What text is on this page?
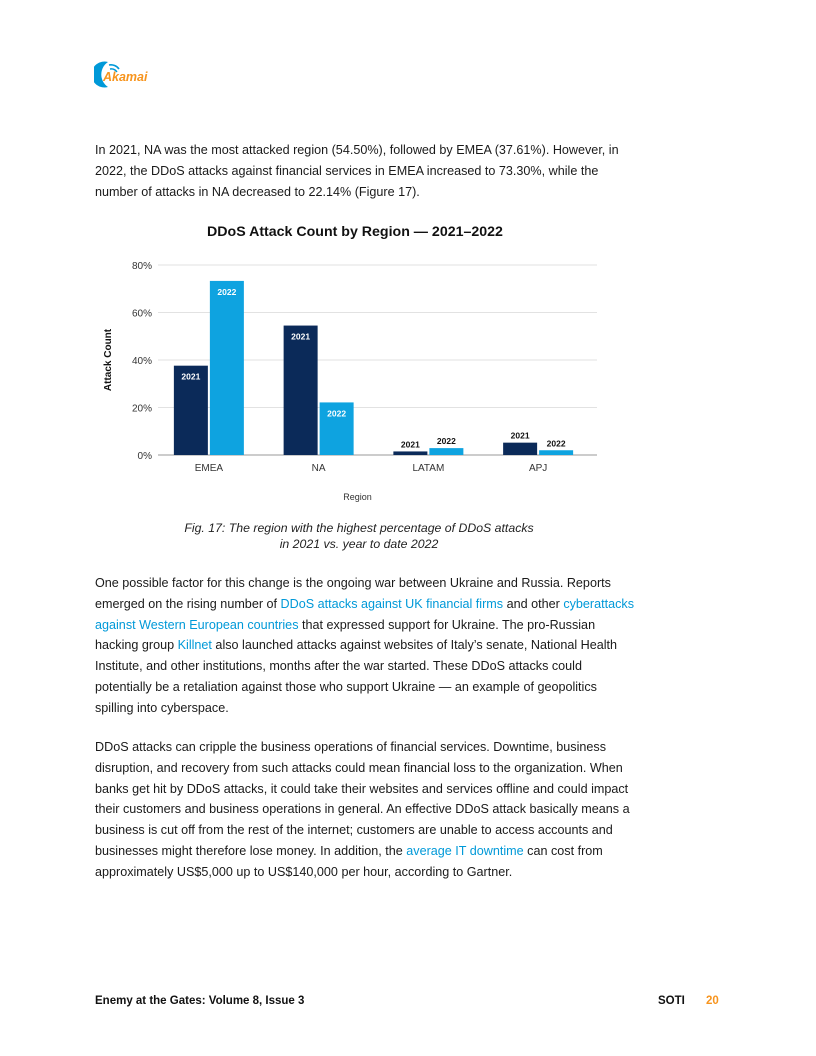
Akamai

In 2021, NA was the most attacked region (54.50%), followed by EMEA (37.61%). However, in 2022, the DDoS attacks against financial services in EMEA increased to 73.30%, while the number of attacks in NA decreased to 22.14% (Figure 17).

DDoS Attack Count by Region — 2021–2022
0%
20%
40%
60%
80%
Attack Count	2021
2022
EMEA
2021
2022
NA
2021 2022
LATAM
2021
2022
APJ
Region
Fig. 17: The region with the highest percentage of DDoS attacks
in 2021 vs. year to date 2022

One possible factor for this change is the ongoing war between Ukraine and Russia. Reports emerged on the rising number of DDoS attacks against UK financial firms and other cyberattacks against Western European countries that expressed support for Ukraine. The pro-Russian hacking group Killnet also launched attacks against websites of Italy’s senate, National Health Institute, and other institutions, months after the war started. These DDoS attacks could potentially be a retaliation against those who support Ukraine — an example of geopolitics spilling into cyberspace.

DDoS attacks can cripple the business operations of financial services. Downtime, business disruption, and recovery from such attacks could mean financial loss to the organization. When banks get hit by DDoS attacks, it could take their websites and services offline and could impact their customers and business operations in general. An effective DDoS attack basically means a business is cut off from the rest of the internet; customers are unable to access accounts and businesses might therefore lose money. In addition, the average IT downtime can cost from approximately US$5,000 up to US$140,000 per hour, according to Gartner.

Enemy at the Gates: Volume 8, Issue 3	SOTI 20
